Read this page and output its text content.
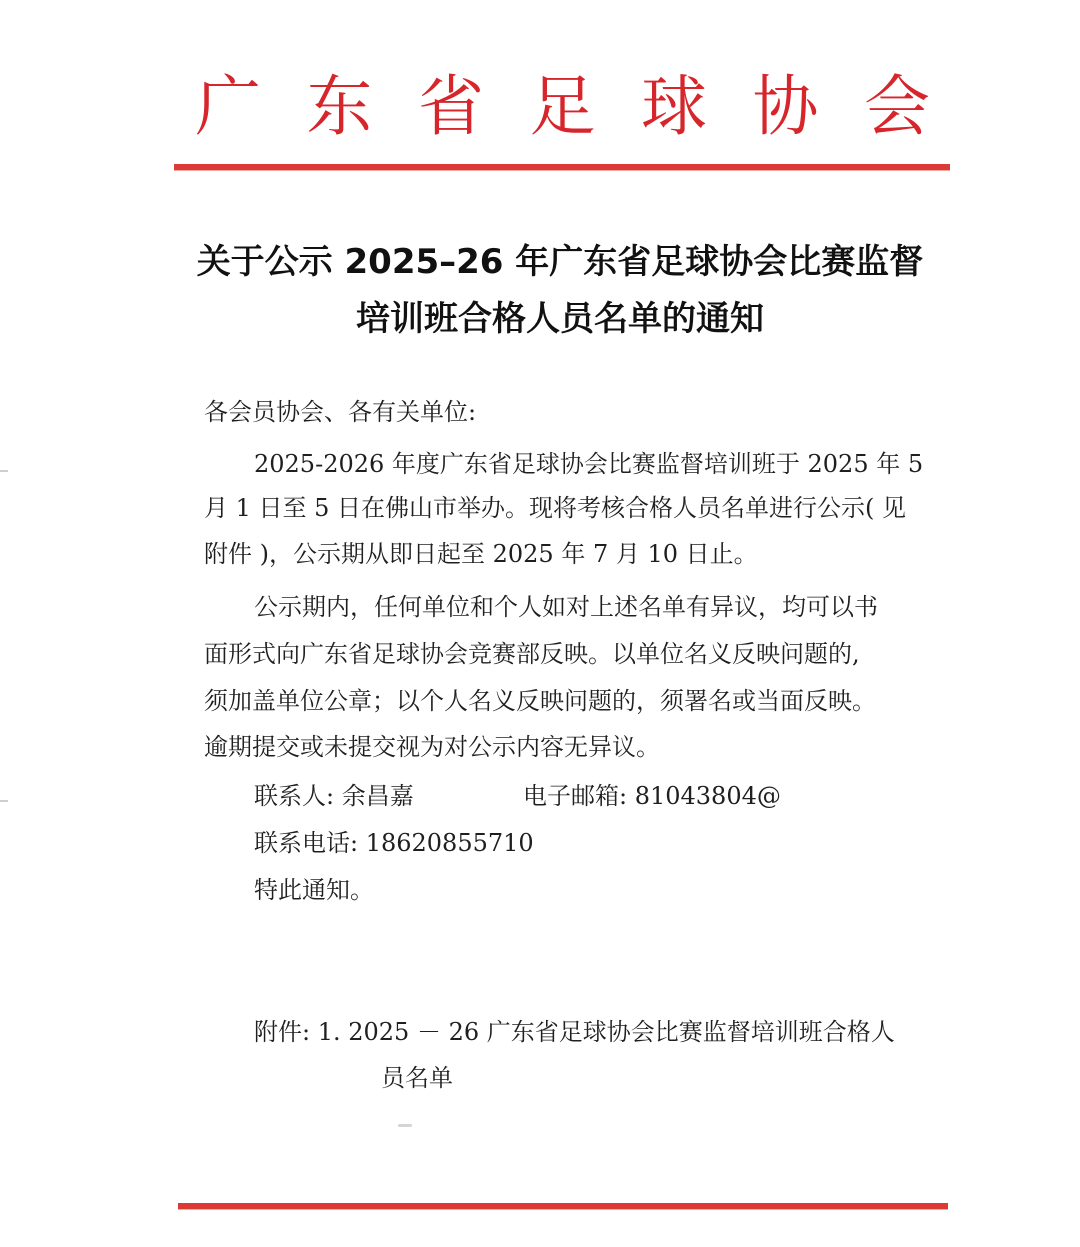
广 东 省 足 球 协 会
关于公示 2025–26 年广东省足球协会比赛监督
培训班合格人员名单的通知
各会员协会、各有关单位:
2025-2026 年度广东省足球协会比赛监督培训班于 2025 年 5
月 1 日至 5 日在佛山市举办。现将考核合格人员名单进行公示( 见
附件 )，公示期从即日起至 2025 年 7 月 10 日止。
公示期内，任何单位和个人如对上述名单有异议，均可以书
面形式向广东省足球协会竞赛部反映。以单位名义反映问题的,
须加盖单位公章；以个人名义反映问题的，须署名或当面反映。
逾期提交或未提交视为对公示内容无异议。
联系人: 余昌嘉	电子邮箱: 81043804@
联系电话: 18620855710
特此通知。
附件: 1. 2025 － 26 广东省足球协会比赛监督培训班合格人
员名单
